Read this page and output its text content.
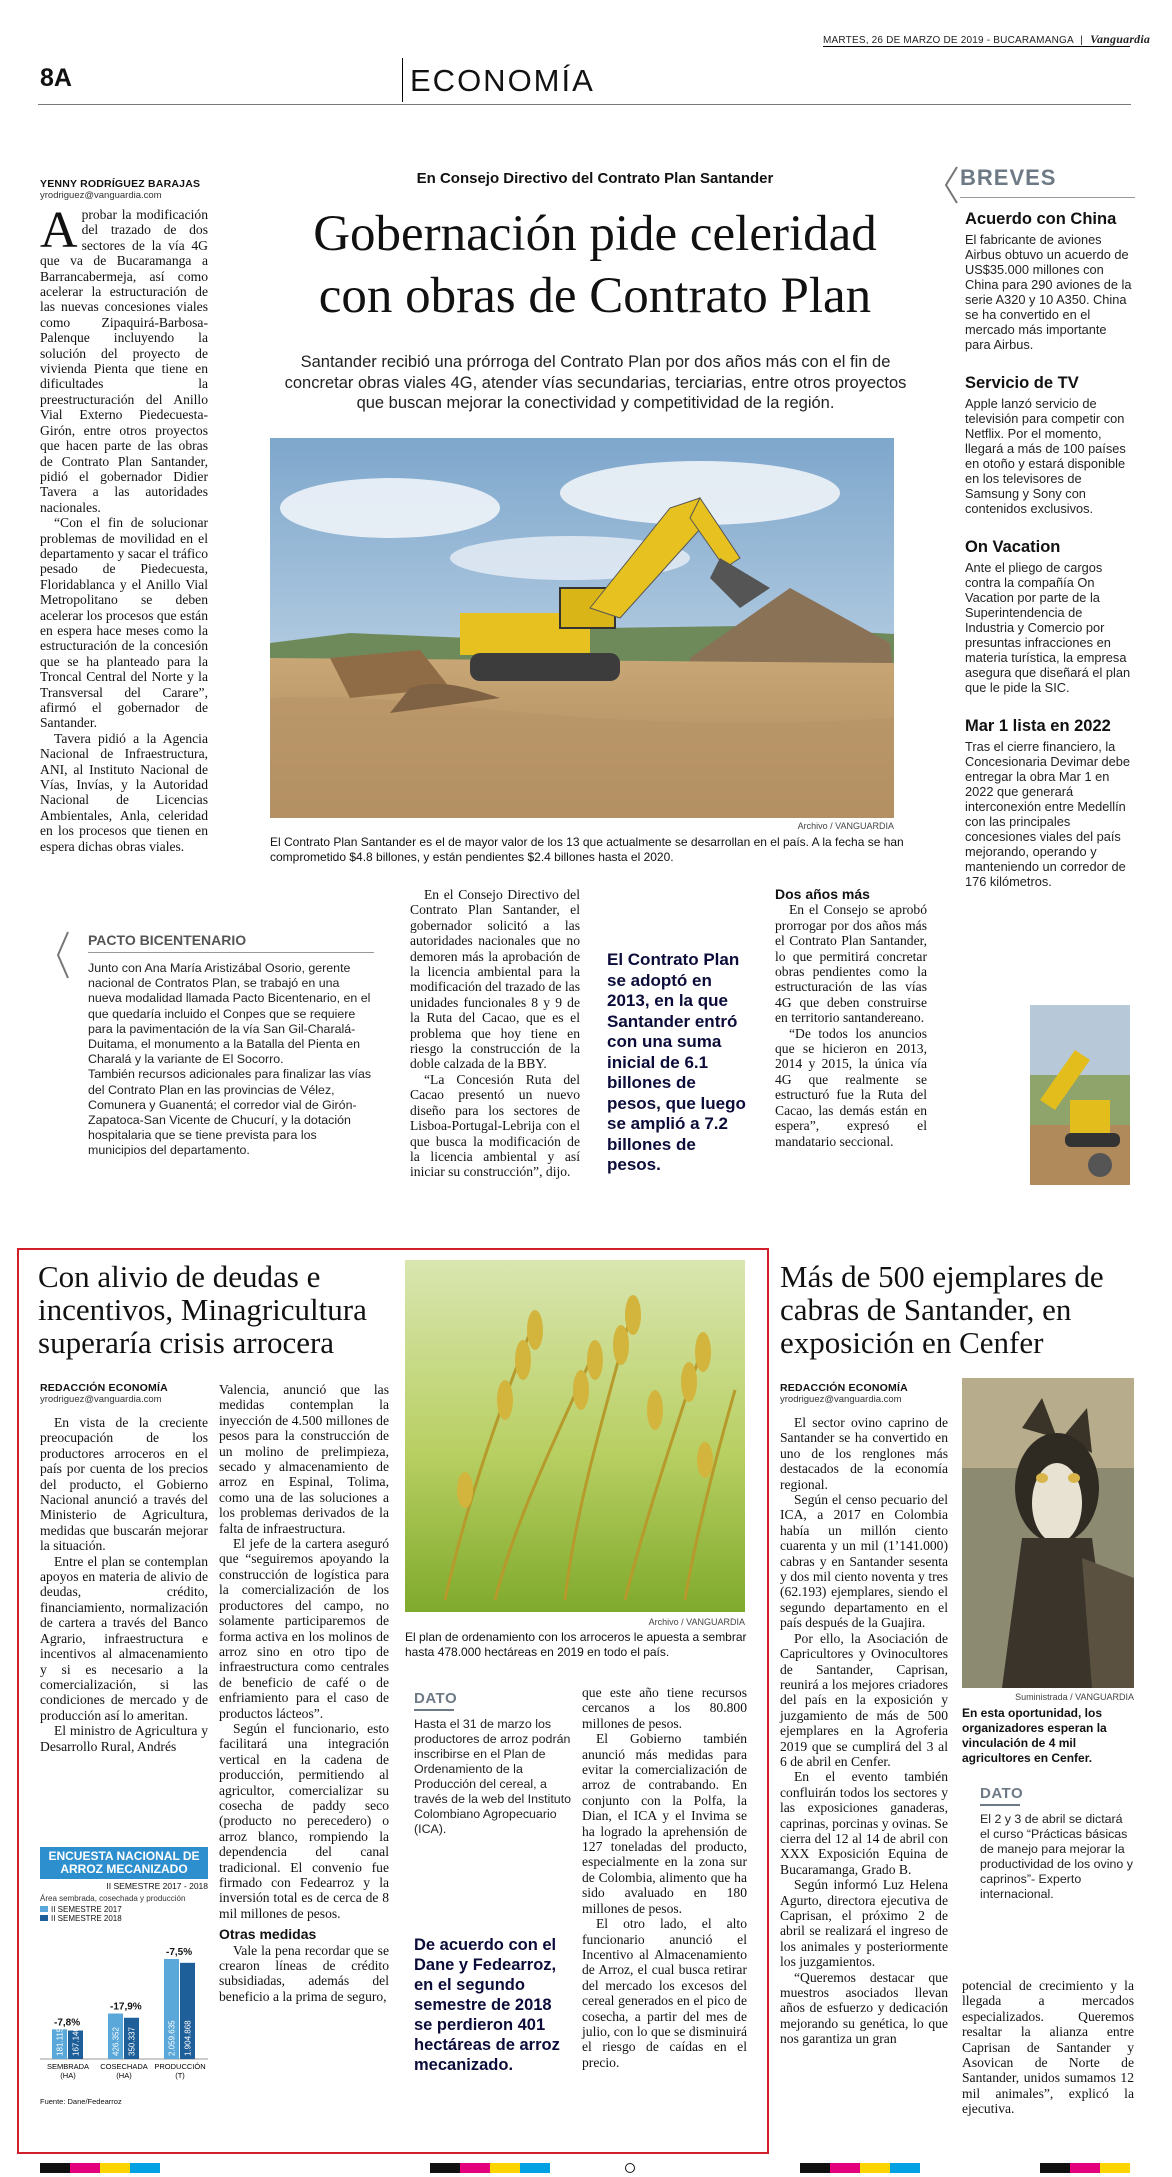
MARTES, 26 DE MARZO DE 2019 - BUCARAMANGA | Vanguardia
8A	ECONOMÍA
YENNY RODRÍGUEZ BARAJAS
yrodriguez@vanguardia.com
En Consejo Directivo del Contrato Plan Santander
Gobernación pide celeridad
con obras de Contrato Plan
Santander recibió una prórroga del Contrato Plan por dos años más con el fin de concretar obras viales 4G, atender vías secundarias, terciarias, entre otros proyectos que buscan mejorar la conectividad y competitividad de la región.
A probar la modificación del trazado de dos sectores de la vía 4G que va de Bucaramanga a Barrancabermeja, así como acelerar la estructuración de las nuevas concesiones viales como Zipaquirá-Barbosa-Palenque incluyendo la solución del proyecto de vivienda Pienta que tiene en dificultades la preestructuración del Anillo Vial Externo Piedecuesta-Girón, entre otros proyectos que hacen parte de las obras de Contrato Plan Santander, pidió el gobernador Didier Tavera a las autoridades nacionales.

“Con el fin de solucionar problemas de movilidad en el departamento y sacar el tráfico pesado de Piedecuesta, Floridablanca y el Anillo Vial Metropolitano se deben acelerar los procesos que están en espera hace meses como la estructuración de la concesión que se ha planteado para la Troncal Central del Norte y la Transversal del Carare”, afirmó el gobernador de Santander.

Tavera pidió a la Agencia Nacional de Infraestructura, ANI, al Instituto Nacional de Vías, Invías, y la Autoridad Nacional de Licencias Ambientales, Anla, celeridad en los procesos que tienen en espera dichas obras viales.

Archivo / VANGUARDIA
El Contrato Plan Santander es el de mayor valor de los 13 que actualmente se desarrollan en el país. A la fecha se han comprometido $4.8 billones, y están pendientes $2.4 billones hasta el 2020.

En el Consejo Directivo del Contrato Plan Santander, el gobernador solicitó a las autoridades nacionales que no demoren más la aprobación de la licencia ambiental para la modificación del trazado de las unidades funcionales 8 y 9 de la Ruta del Cacao, que es el problema que hoy tiene en riesgo la construcción de la doble calzada de la BBY.

“La Concesión Ruta del Cacao presentó un nuevo diseño para los sectores de Lisboa-Portugal-Lebrija con el que busca la modificación de la licencia ambiental y así iniciar su construcción”, dijo.

El Contrato Plan se adoptó en 2013, en la que Santander entró con una suma inicial de 6.1 billones de pesos, que luego se amplió a 7.2 billones de pesos.
Dos años más

En el Consejo se aprobó prorrogar por dos años más el Contrato Plan Santander, lo que permitirá concretar obras pendientes como la estructuración de las vías 4G que deben construirse en territorio santandereano.

“De todos los anuncios que se hicieron en 2013, 2014 y 2015, la única vía 4G que realmente se estructuró fue la Ruta del Cacao, las demás están en espera”, expresó el mandatario seccional.

PACTO BICENTENARIO
Junto con Ana María Aristizábal Osorio, gerente nacional de Contratos Plan, se trabajó en una nueva modalidad llamada Pacto Bicentenario, en el que quedaría incluido el Conpes que se requiere para la pavimentación de la vía San Gil-Charalá-Duitama, el monumento a la Batalla del Pienta en Charalá y la variante de El Socorro.
También recursos adicionales para finalizar las vías del Contrato Plan en las provincias de Vélez, Comunera y Guanentá; el corredor vial de Girón-Zapatoca-San Vicente de Chucurí, y la dotación hospitalaria que se tiene prevista para los municipios del departamento.
BREVES
Acuerdo con China

El fabricante de aviones Airbus obtuvo un acuerdo de US$35.000 millones con China para 290 aviones de la serie A320 y 10 A350. China se ha convertido en el mercado más importante para Airbus.

Servicio de TV

Apple lanzó servicio de televisión para competir con Netflix. Por el momento, llegará a más de 100 países en otoño y estará disponible en los televisores de Samsung y Sony con contenidos exclusivos.

On Vacation

Ante el pliego de cargos contra la compañía On Vacation por parte de la Superintendencia de Industria y Comercio por presuntas infracciones en materia turística, la empresa asegura que diseñará el plan que le pide la SIC.

Mar 1 lista en 2022

Tras el cierre financiero, la Concesionaria Devimar debe entregar la obra Mar 1 en 2022 que generará interconexión entre Medellín con las principales concesiones viales del país mejorando, operando y manteniendo un corredor de 176 kilómetros.

Con alivio de deudas e incentivos, Minagricultura superaría crisis arrocera
REDACCIÓN ECONOMÍA
yrodriguez@vanguardia.com

En vista de la creciente preocupación de los productores arroceros en el país por cuenta de los precios del producto, el Gobierno Nacional anunció a través del Ministerio de Agricultura, medidas que buscarán mejorar la situación.

Entre el plan se contemplan apoyos en materia de alivio de deudas, crédito, financiamiento, normalización de cartera a través del Banco Agrario, infraestructura e incentivos al almacenamiento y si es necesario a la comercialización, si las condiciones de mercado y de producción así lo ameritan.

El ministro de Agricultura y Desarrollo Rural, Andrés

Valencia, anunció que las medidas contemplan la inyección de 4.500 millones de pesos para la construcción de un molino de prelimpieza, secado y almacenamiento de arroz en Espinal, Tolima, como una de las soluciones a los problemas derivados de la falta de infraestructura.

El jefe de la cartera aseguró que “seguiremos apoyando la construcción de logística para la comercialización de los productores del campo, no solamente participaremos de forma activa en los molinos de arroz sino en otro tipo de infraestructura como centrales de beneficio de café o de enfriamiento para el caso de productos lácteos”.

Según el funcionario, esto facilitará una integración vertical en la cadena de producción, permitiendo al agricultor, comercializar su cosecha de paddy seco (producto no perecedero) o arroz blanco, rompiendo la dependencia del canal tradicional. El convenio fue firmado con Fedearroz y la inversión total es de cerca de 8 mil millones de pesos.

Otras medidas

Vale la pena recordar que se crearon líneas de crédito subsidiadas, además del beneficio a la prima de seguro,

Archivo / VANGUARDIA
El plan de ordenamiento con los arroceros le apuesta a sembrar hasta 478.000 hectáreas en 2019 en todo el país.
DATO
Hasta el 31 de marzo los productores de arroz podrán inscribirse en el Plan de Ordenamiento de la Producción del cereal, a través de la web del Instituto Colombiano Agropecuario (ICA).
De acuerdo con el Dane y Fedearroz, en el segundo semestre de 2018 se perdieron 401 hectáreas de arroz mecanizado.

que este año tiene recursos cercanos a los 80.800 millones de pesos.

El Gobierno también anunció más medidas para evitar la comercialización de arroz de contrabando. En conjunto con la Polfa, la Dian, el ICA y el Invima se ha logrado la aprehensión de 127 toneladas del producto, especialmente en la zona sur de Colombia, alimento que ha sido avaluado en 180 millones de pesos.

El otro lado, el alto funcionario anunció el Incentivo al Almacenamiento de Arroz, el cual busca retirar del mercado los excesos del cereal generados en el pico de cosecha, a partir del mes de julio, con lo que se disminuirá el riesgo de caídas en el precio.

ENCUESTA NACIONAL DE ARROZ MECANIZADO
II SEMESTRE 2017 - 2018
Área sembrada, cosechada y producción
II SEMESTRE 2017
II SEMESTRE 2018
181.115
-7,8%
167.140
SEMBRADA
(HA)
426.352
-17,9%
350.337
COSECHADA
(HA)
2.059.635
-7,5%
1.904.868
PRODUCCIÓN
(T)
Fuente: Dane/Fedearroz
Más de 500 ejemplares de cabras de Santander, en exposición en Cenfer
REDACCIÓN ECONOMÍA
yrodriguez@vanguardia.com

El sector ovino caprino de Santander se ha convertido en uno de los renglones más destacados de la economía regional.

Según el censo pecuario del ICA, a 2017 en Colombia había un millón ciento cuarenta y un mil (1’141.000) cabras y en Santander sesenta y dos mil ciento noventa y tres (62.193) ejemplares, siendo el segundo departamento en el país después de la Guajira.

Por ello, la Asociación de Capricultores y Ovinocultores de Santander, Caprisan, reunirá a los mejores criadores del país en la exposición y juzgamiento de más de 500 ejemplares en la Agroferia 2019 que se cumplirá del 3 al 6 de abril en Cenfer.

En el evento también confluirán todos los sectores y las exposiciones ganaderas, caprinas, porcinas y ovinas. Se cierra del 12 al 14 de abril con XXX Exposición Equina de Bucaramanga, Grado B.

Según informó Luz Helena Agurto, directora ejecutiva de Caprisan, el próximo 2 de abril se realizará el ingreso de los animales y posteriormente los juzgamientos.

“Queremos destacar que muestros asociados llevan años de esfuerzo y dedicación mejorando su genética, lo que nos garantiza un gran

Suministrada / VANGUARDIA
En esta oportunidad, los organizadores esperan la vinculación de 4 mil agricultores en Cenfer.
DATO
El 2 y 3 de abril se dictará el curso “Prácticas básicas de manejo para mejorar la productividad de los ovino y caprinos”- Experto internacional.

potencial de crecimiento y la llegada a mercados especializados. Queremos resaltar la alianza entre Caprisan de Santander y Asovican de Norte de Santander, unidos sumamos 12 mil animales”, explicó la ejecutiva.
